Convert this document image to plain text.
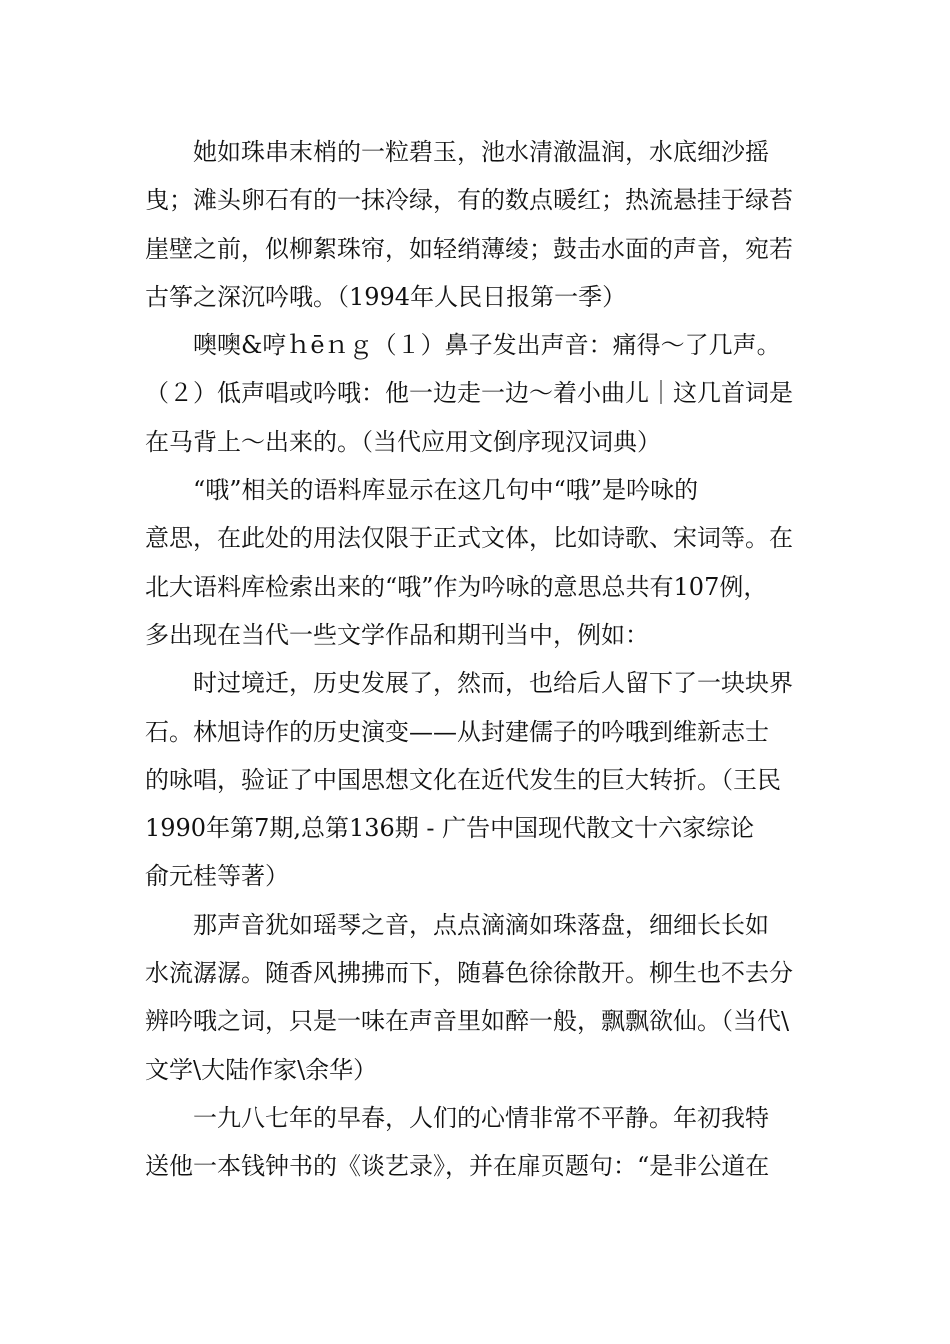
她如珠串末梢的一粒碧玉，池水清澈温润，水底细沙摇
曳；滩头卵石有的一抹冷绿，有的数点暖红；热流悬挂于绿苔
崖壁之前，似柳絮珠帘，如轻绡薄绫；鼓击水面的声音，宛若
古筝之深沉吟哦。（1994年人民日报第一季）

噢噢&哼ｈēｎｇ（１）鼻子发出声音：痛得～了几声。
（２）低声唱或吟哦：他一边走一边～着小曲儿｜这几首词是
在马背上～出来的。（当代应用文倒序现汉词典）

“哦”相关的语料库显示在这几句中“哦”是吟咏的
意思，在此处的用法仅限于正式文体，比如诗歌、宋词等。在
北大语料库检索出来的“哦”作为吟咏的意思总共有107例，
多出现在当代一些文学作品和期刊当中，例如：

时过境迁，历史发展了，然而，也给后人留下了一块块界
石。林旭诗作的历史演变——从封建儒子的吟哦到维新志士
的咏唱，验证了中国思想文化在近代发生的巨大转折。（王民
1990年第7期,总第136期 - 广告中国现代散文十六家综论
俞元桂等著）

那声音犹如瑶琴之音，点点滴滴如珠落盘，细细长长如
水流潺潺。随香风拂拂而下，随暮色徐徐散开。柳生也不去分
辨吟哦之词，只是一味在声音里如醉一般，飘飘欲仙。（当代\
文学\大陆作家\余华）

一九八七年的早春，人们的心情非常不平静。年初我特
送他一本钱钟书的《谈艺录》，并在扉页题句：“是非公道在
